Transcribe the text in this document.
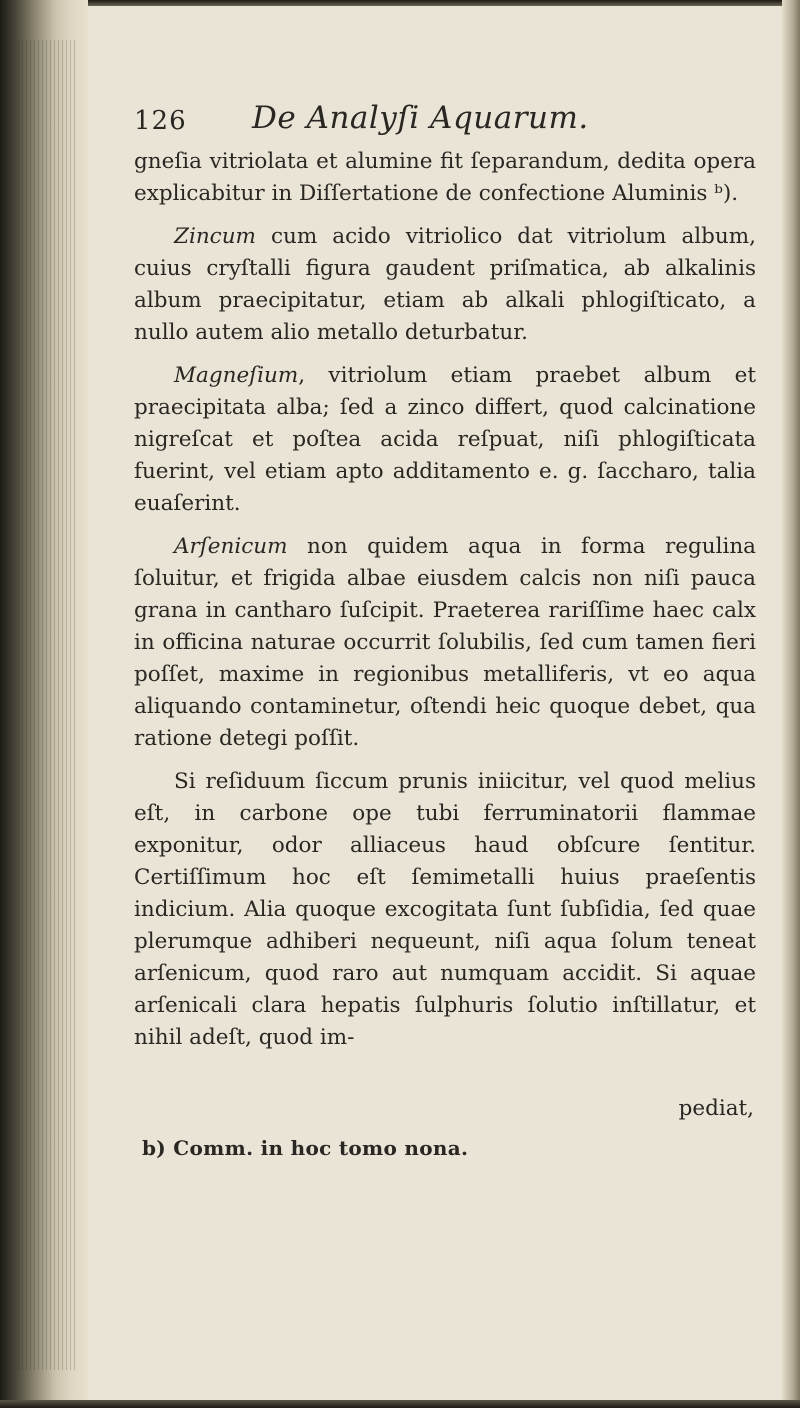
126 De Analyſi Aquarum.

gneſia vitriolata et alumine fit ſeparandum, dedita opera explicabitur in Diſſertatione de confectione Aluminis ᵇ).

Zincum cum acido vitriolico dat vitriolum album, cuius cryſtalli figura gaudent priſmatica, ab alkalinis album praecipitatur, etiam ab alkali phlogiſticato, a nullo autem alio metallo deturbatur.

Magneſium, vitriolum etiam praebet album et praecipitata alba; ſed a zinco differt, quod calcinatione nigreſcat et poſtea acida reſpuat, niſi phlogiſticata fuerint, vel etiam apto additamento e. g. ſaccharo, talia euaſerint.

Arſenicum non quidem aqua in forma regulina ſoluitur, et frigida albae eiusdem calcis non niſi pauca grana in cantharo ſuſcipit. Praeterea rariſſime haec calx in officina naturae occurrit ſolubilis, ſed cum tamen fieri poſſet, maxime in regionibus metalliferis, vt eo aqua aliquando contaminetur, oſtendi heic quoque debet, qua ratione detegi poſſit.

Si reſiduum ſiccum prunis iniicitur, vel quod melius eſt, in carbone ope tubi ferruminatorii flammae exponitur, odor alliaceus haud obſcure ſentitur. Certiſſimum hoc eſt ſemimetalli huius praeſentis indicium. Alia quoque excogitata ſunt ſubſidia, ſed quae plerumque adhiberi nequeunt, niſi aqua ſolum teneat arſenicum, quod raro aut numquam accidit. Si aquae arſenicali clara hepatis ſulphuris ſolutio inſtillatur, et nihil adeſt, quod im-

pediat,
b) Comm. in hoc tomo nona.
